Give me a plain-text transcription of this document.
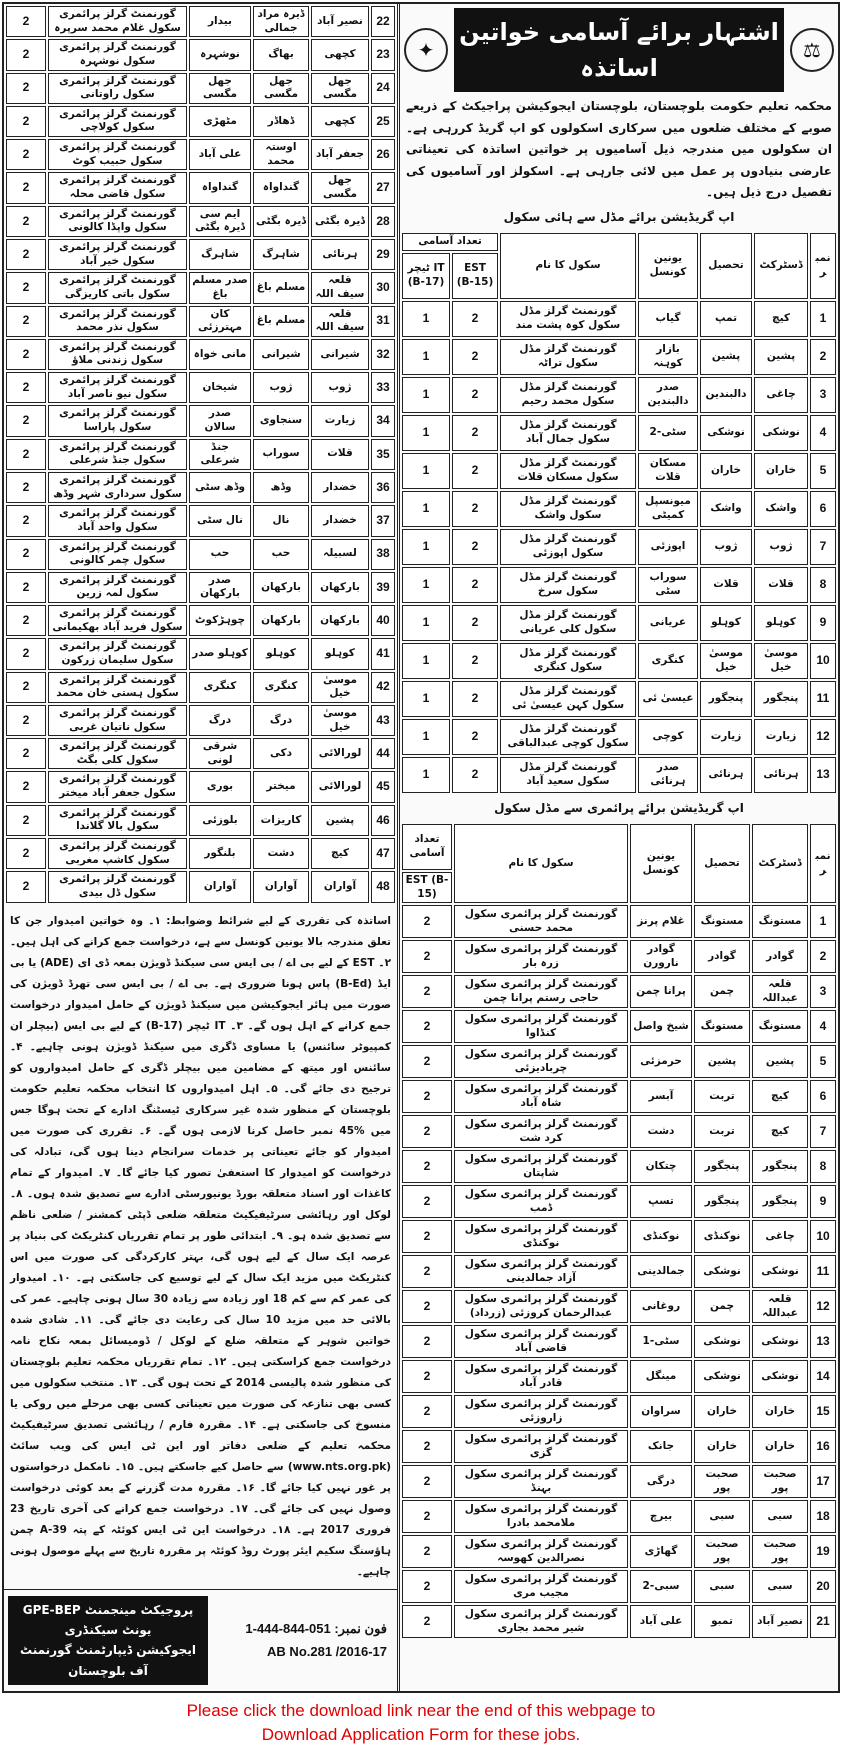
22	نصیر آباد	ڈیرہ مراد جمالی	بیدار	گورنمنٹ گرلز پرائمری سکول غلام محمد سرپرہ	2
23	کچھی	بھاگ	نوشہرہ	گورنمنٹ گرلز پرائمری سکول نوشہرہ	2
24	جھل مگسی	جھل مگسی	جھل مگسی	گورنمنٹ گرلز پرائمری سکول راوتانی	2
25	کچھی	ڈھاڈر	مٹھڑی	گورنمنٹ گرلز پرائمری سکول کولاچی	2
26	جعفر آباد	اوستہ محمد	علی آباد	گورنمنٹ گرلز پرائمری سکول حبیب کوٹ	2
27	جھل مگسی	گنداواہ	گنداواہ	گورنمنٹ گرلز پرائمری سکول قاضی محلہ	2
28	ڈیرہ بگٹی	ڈیرہ بگٹی	ایم سی ڈیرہ بگٹی	گورنمنٹ گرلز پرائمری سکول واپڈا کالونی	2
29	ہرنائی	شاہرگ	شاہرگ	گورنمنٹ گرلز پرائمری سکول خیر آباد	2
30	قلعہ سیف اللہ	مسلم باغ	صدر مسلم باغ	گورنمنٹ گرلز پرائمری سکول باتی کاریزگی	2
31	قلعہ سیف اللہ	مسلم باغ	کان مہترزئی	گورنمنٹ گرلز پرائمری سکول نذر محمد	2
32	شیرانی	شیرانی	مانی خواہ	گورنمنٹ گرلز پرائمری سکول زندنی ملاؤ	2
33	ژوب	ژوب	شیخان	گورنمنٹ گرلز پرائمری سکول نیو ناصر آباد	2
34	زیارت	سنجاوی	صدر سالان	گورنمنٹ گرلز پرائمری سکول پاراسا	2
35	قلات	سوراب	جنڈ شرعلی	گورنمنٹ گرلز پرائمری سکول جنڈ شرعلی	2
36	خضدار	وڈھ	وڈھ سٹی	گورنمنٹ گرلز پرائمری سکول سرداری شہر وڈھ	2
37	خضدار	نال	نال سٹی	گورنمنٹ گرلز پرائمری سکول واحد آباد	2
38	لسبیلہ	حب	حب	گورنمنٹ گرلز پرائمری سکول چمر کالونی	2
39	بارکھان	بارکھان	صدر بارکھان	گورنمنٹ گرلز پرائمری سکول لمہ زرین	2
40	بارکھان	بارکھان	چوہڑکوٹ	گورنمنٹ گرلز پرائمری سکول فرید آباد بھکیمانی	2
41	کوہلو	کوہلو	کوہلو صدر	گورنمنٹ گرلز پرائمری سکول سلیمان زرکون	2
42	موسیٰ خیل	کنگری	کنگری	گورنمنٹ گرلز پرائمری سکول ہستی خان محمد	2
43	موسیٰ خیل	درگ	درگ	گورنمنٹ گرلز پرائمری سکول ناتیان غربی	2
44	لورالائی	دکی	شرقی لونی	گورنمنٹ گرلز پرائمری سکول کلی بگٹ	2
45	لورالائی	میختر	بوری	گورنمنٹ گرلز پرائمری سکول جعفر آباد میختر	2
46	پشین	کاریزات	بلوزئی	گورنمنٹ گرلز پرائمری سکول بالا گلاندا	2
47	کیچ	دشت	بلنگور	گورنمنٹ گرلز پرائمری سکول کاشپ مغربی	2
48	آواران	آواران	آواران	گورنمنٹ گرلز پرائمری سکول ڈل بیدی	2
اساتذہ کی تقرری کے لیے شرائط وضوابط: ۱۔ وہ خواتین امیدوار جن کا تعلق مندرجہ بالا یونین کونسل سے ہے، درخواست جمع کرانے کی اہل ہیں۔ ۲۔ EST کے لیے بی اے / بی ایس سی سیکنڈ ڈویژن بمعہ ڈی ای (ADE) یا بی ایڈ (B-Ed) پاس ہونا ضروری ہے۔ بی اے / بی ایس سی تھرڈ ڈویژن کی صورت میں ہائر ایجوکیشن میں سیکنڈ ڈویژن کے حامل امیدوار درخواست جمع کرانے کے اہل ہوں گے۔ ۳۔ IT ٹیچر (B-17) کے لیے بی ایس (بیچلر ان کمپیوٹر سائنس) یا مساوی ڈگری میں سیکنڈ ڈویژن ہونی چاہیے۔ ۴۔ سائنس اور میتھ کے مضامین میں بیچلر ڈگری کے حامل امیدواروں کو ترجیح دی جائے گی۔ ۵۔ اہل امیدواروں کا انتخاب محکمہ تعلیم حکومت بلوچستان کے منظور شدہ غیر سرکاری ٹیسٹنگ ادارے کے تحت ہوگا جس میں %45 نمبر حاصل کرنا لازمی ہوں گے۔ ۶۔ تقرری کی صورت میں امیدوار کو جائے تعیناتی پر خدمات سرانجام دینا ہوں گی، تبادلہ کی درخواست کو امیدوار کا استعفیٰ تصور کیا جائے گا۔ ۷۔ امیدوار کے تمام کاغذات اور اسناد متعلقہ بورڈ یونیورسٹی ادارے سے تصدیق شدہ ہوں۔ ۸۔ لوکل اور رہائشی سرٹیفیکیٹ متعلقہ ضلعی ڈپٹی کمشنر / ضلعی ناظم سے تصدیق شدہ ہو۔ ۹۔ ابتدائی طور پر تمام تقرریاں کنٹریکٹ کی بنیاد پر عرصہ ایک سال کے لیے ہوں گی، بہتر کارکردگی کی صورت میں اس کنٹریکٹ میں مزید ایک سال کے لیے توسیع کی جاسکتی ہے۔ ۱۰۔ امیدوار کی عمر کم سے کم 18 اور زیادہ سے زیادہ 30 سال ہونی چاہیے۔ عمر کی بالائی حد میں مزید 10 سال کی رعایت دی جائے گی۔ ۱۱۔ شادی شدہ خواتین شوہر کے متعلقہ ضلع کے لوکل / ڈومیسائل بمعہ نکاح نامہ درخواست جمع کراسکتی ہیں۔ ۱۲۔ تمام تقرریاں محکمہ تعلیم بلوچستان کی منظور شدہ پالیسی 2014 کے تحت ہوں گی۔ ۱۳۔ منتخب سکولوں میں کسی بھی تنازعہ کی صورت میں تعیناتی کسی بھی مرحلے میں روکی یا منسوخ کی جاسکتی ہے۔ ۱۴۔ مقررہ فارم / رہائشی تصدیق سرٹیفیکیٹ محکمہ تعلیم کے ضلعی دفاتر اور این ٹی ایس کی ویب سائٹ (www.nts.org.pk) سے حاصل کیے جاسکتے ہیں۔ ۱۵۔ نامکمل درخواستوں پر غور نہیں کیا جائے گا۔ ۱۶۔ مقررہ مدت گزرنے کے بعد کوئی درخواست وصول نہیں کی جائے گی۔ ۱۷۔ درخواست جمع کرانے کی آخری تاریخ 23 فروری 2017 ہے۔ ۱۸۔ درخواست این ٹی ایس کوئٹہ کے پتہ A-39 چمن ہاؤسنگ سکیم ایئر پورٹ روڈ کوئٹہ پر مقررہ تاریخ سے پہلے موصول ہونی چاہیے۔
GPE-BEP پروجیکٹ مینجمنٹ یونٹ سیکنڈری
ایجوکیشن ڈیپارٹمنٹ گورنمنٹ آف بلوچستان
فون نمبر: 051-844-444-1
AB No.281 /2016-17
⚖
اشتہار برائے آسامی خواتین اساتذہ
✦
محکمہ تعلیم حکومت بلوچستان، بلوچستان ایجوکیشن پراجیکٹ کے ذریعے صوبے کے مختلف ضلعوں میں سرکاری اسکولوں کو اپ گریڈ کررہی ہے۔ ان سکولوں میں مندرجہ ذیل آسامیوں پر خواتین اساتذہ کی تعیناتی عارضی بنیادوں پر عمل میں لائی جارہی ہے۔ اسکولز اور آسامیوں کی تفصیل درج ذیل ہیں۔
اپ گریڈیشن برائے مڈل سے ہائی سکول
نمبر	ڈسٹرکٹ	تحصیل	یونین کونسل	سکول کا نام	تعداد آسامی	
					EST (B-15)	IT ٹیچر (B-17)
1	کیچ	تمپ	گیاب	گورنمنٹ گرلز مڈل سکول کوہ پشت مند	2	1
2	پشین	پشین	بازار کوہنہ	گورنمنٹ گرلز مڈل سکول تراٹہ	2	1
3	چاغی	دالبندین	صدر دالبندین	گورنمنٹ گرلز مڈل سکول محمد رحیم	2	1
4	نوشکی	نوشکی	سٹی-2	گورنمنٹ گرلز مڈل سکول جمال آباد	2	1
5	خاران	خاران	مسکان قلات	گورنمنٹ گرلز مڈل سکول مسکان قلات	2	1
6	واشک	واشک	میونسپل کمیٹی	گورنمنٹ گرلز مڈل سکول واشک	2	1
7	ژوب	ژوب	اپوزئی	گورنمنٹ گرلز مڈل سکول اپوزئی	2	1
8	قلات	قلات	سوراب سٹی	گورنمنٹ گرلز مڈل سکول سرخ	2	1
9	کوہلو	کوہلو	عریانی	گورنمنٹ گرلز مڈل سکول کلی عریانی	2	1
10	موسیٰ خیل	موسیٰ خیل	کنگری	گورنمنٹ گرلز مڈل سکول کنگری	2	1
11	پنجگور	پنجگور	عیسیٰ ئی	گورنمنٹ گرلز مڈل سکول کہن عیسیٰ ئی	2	1
12	زیارت	زیارت	کوچی	گورنمنٹ گرلز مڈل سکول کوچی عبدالباقی	2	1
13	ہرنائی	ہرنائی	صدر ہرنائی	گورنمنٹ گرلز مڈل سکول سعید آباد	2	1
اپ گریڈیشن برائے پرائمری سے مڈل سکول
نمبر	ڈسٹرکٹ	تحصیل	یونین کونسل	سکول کا نام	تعداد آسامی
					EST (B-15)
1	مستونگ	مستونگ	غلام پرنز	گورنمنٹ گرلز پرائمری سکول محمد حسنی	2
2	گوادر	گوادر	گوادر نارورن	گورنمنٹ گرلز پرائمری سکول زرہ بار	2
3	قلعہ عبداللہ	چمن	پرانا چمن	گورنمنٹ گرلز پرائمری سکول حاجی رستم پرانا چمن	2
4	مستونگ	مستونگ	شیخ واصل	گورنمنٹ گرلز پرائمری سکول کنڈاوا	2
5	پشین	پشین	حرمزئی	گورنمنٹ گرلز پرائمری سکول چربادیزئی	2
6	کیچ	تربت	آبسر	گورنمنٹ گرلز پرائمری سکول شاہ آباد	2
7	کیچ	تربت	دشت	گورنمنٹ گرلز پرائمری سکول کرد شت	2
8	پنجگور	پنجگور	چتکان	گورنمنٹ گرلز پرائمری سکول شاپتان	2
9	پنجگور	پنجگور	تسپ	گورنمنٹ گرلز پرائمری سکول ڈمب	2
10	چاغی	نوکنڈی	نوکنڈی	گورنمنٹ گرلز پرائمری سکول نوکنڈی	2
11	نوشکی	نوشکی	جمالدینی	گورنمنٹ گرلز پرائمری سکول آزاد جمالدینی	2
12	قلعہ عبداللہ	چمن	روغانی	گورنمنٹ گرلز پرائمری سکول عبدالرحمان کروزئی (زرداد)	2
13	نوشکی	نوشکی	سٹی-1	گورنمنٹ گرلز پرائمری سکول قاضی آباد	2
14	نوشکی	نوشکی	مینگل	گورنمنٹ گرلز پرائمری سکول قادر آباد	2
15	خاران	خاران	سراوان	گورنمنٹ گرلز پرائمری سکول زاروزئی	2
16	خاران	خاران	جانک	گورنمنٹ گرلز پرائمری سکول گزی	2
17	صحبت پور	صحبت پور	درگی	گورنمنٹ گرلز پرائمری سکول بہنڈ	2
18	سبی	سبی	بیرچ	گورنمنٹ گرلز پرائمری سکول ملامحمد بادرا	2
19	صحبت پور	صحبت پور	گھاڑی	گورنمنٹ گرلز پرائمری سکول نصرالدین کھوسہ	2
20	سبی	سبی	سبی-2	گورنمنٹ گرلز پرائمری سکول مجیب مری	2
21	نصیر آباد	تمبو	علی آباد	گورنمنٹ گرلز پرائمری سکول شیر محمد بجاری	2
Please click the download link near the end of this webpage to
Download Application Form for these jobs.
